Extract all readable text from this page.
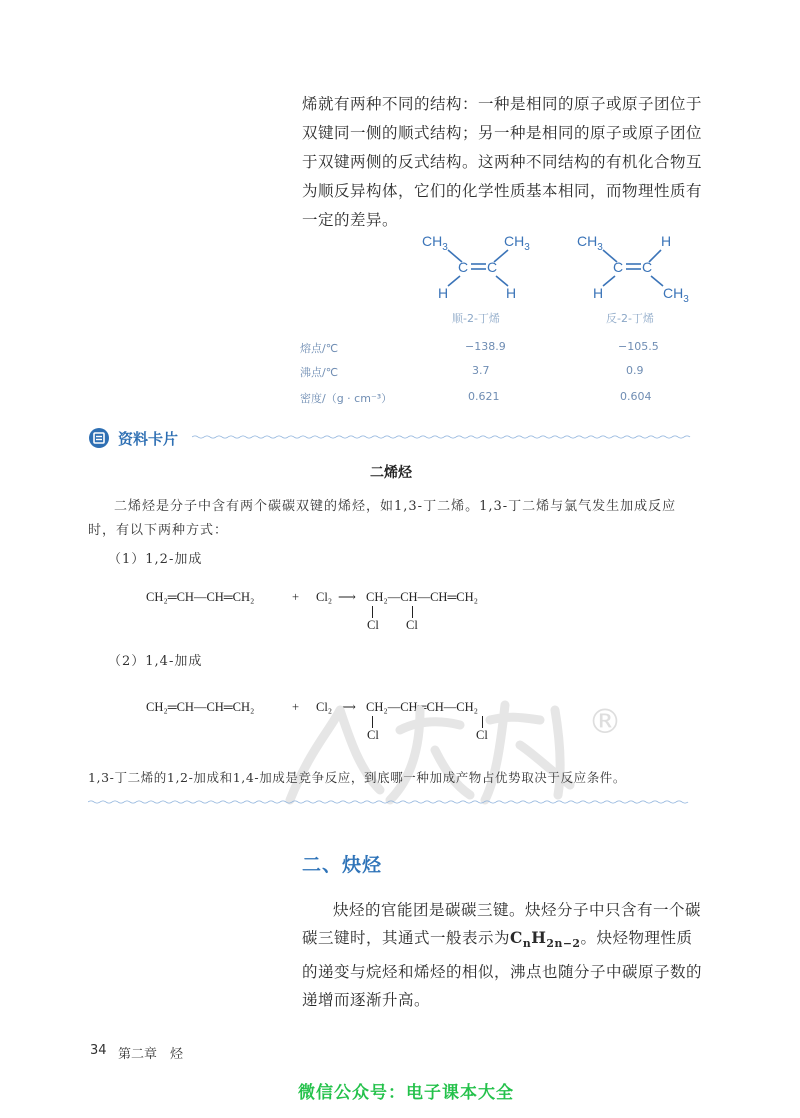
烯就有两种不同的结构：一种是相同的原子或原子团位于双键同一侧的顺式结构；另一种是相同的原子或原子团位于双键两侧的反式结构。这两种不同结构的有机化合物互为顺反异构体，它们的化学性质基本相同，而物理性质有一定的差异。

$CH_3$	$CH_3$
C C
H	H
顺-2-丁烯
$CH_3$	H
C C
H	$CH_3$
反-2-丁烯
熔点/℃	−138.9	−105.5
沸点/℃	3.7	0.9
密度/（g · cm⁻³）	0.621	0.604
资料卡片
二烯烃

二烯烃是分子中含有两个碳碳双键的烯烃，如1,3-丁二烯。1,3-丁二烯与氯气发生加成反应时，有以下两种方式：

（1）1,2-加成
CH₂═CH—CH═CH₂	+ Cl₂ ⟶ CH₂—CH—CH═CH₂
Cl Cl
（2）1,4-加成
CH₂═CH—CH═CH₂	+ Cl₂ ⟶ CH₂—CH═CH—CH₂
Cl	Cl	®
1,3-丁二烯的1,2-加成和1,4-加成是竞争反应，到底哪一种加成产物占优势取决于反应条件。
二、炔烃

炔烃的官能团是碳碳三键。炔烃分子中只含有一个碳碳三键时，其通式一般表示为$C_nH_{2n-2}$。炔烃物理性质的递变与烷烃和烯烃的相似，沸点也随分子中碳原子数的递增而逐渐升高。

34 第二章　烃
微信公众号：电子课本大全
